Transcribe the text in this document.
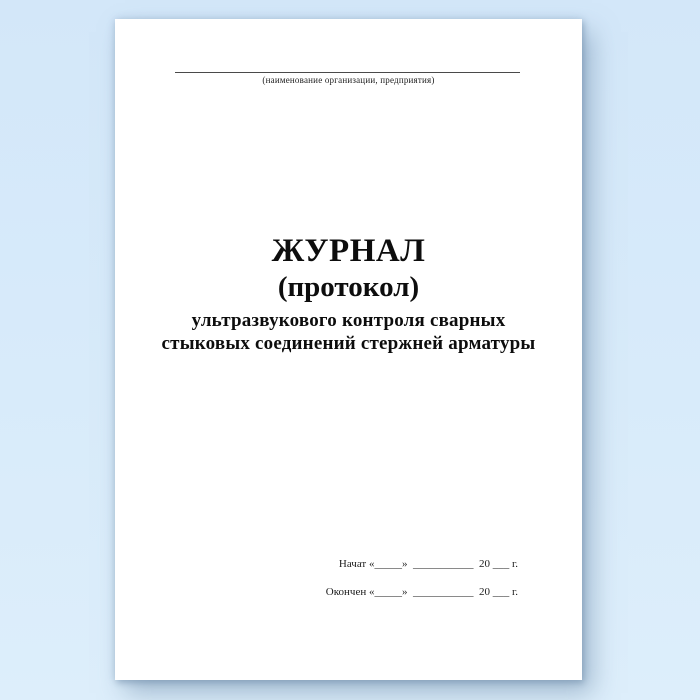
(наименование организации, предприятия)
ЖУРНАЛ
(протокол)
ультразвукового контроля сварных
стыковых соединений стержней арматуры
Начат «_____»  ___________  20 ___ г.
Окончен «_____»  ___________  20 ___ г.
